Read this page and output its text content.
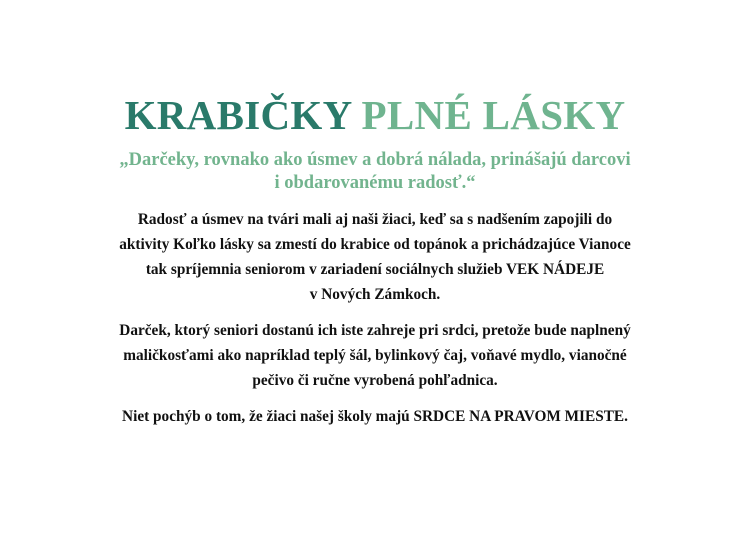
KRABIČKY PLNÉ LÁSKY

„Darčeky, rovnako ako úsmev a dobrá nálada, prinášajú darcovi
i obdarovanému radosť.“

Radosť a úsmev na tvári mali aj naši žiaci, keď sa s nadšením zapojili do
aktivity Koľko lásky sa zmestí do krabice od topánok a prichádzajúce Vianoce
tak spríjemnia seniorom v zariadení sociálnych služieb VEK NÁDEJE
v Nových Zámkoch.

Darček, ktorý seniori dostanú ich iste zahreje pri srdci, pretože bude naplnený
maličkosťami ako napríklad teplý šál, bylinkový čaj, voňavé mydlo, vianočné
pečivo či ručne vyrobená pohľadnica.

Niet pochýb o tom, že žiaci našej školy majú SRDCE NA PRAVOM MIESTE.
